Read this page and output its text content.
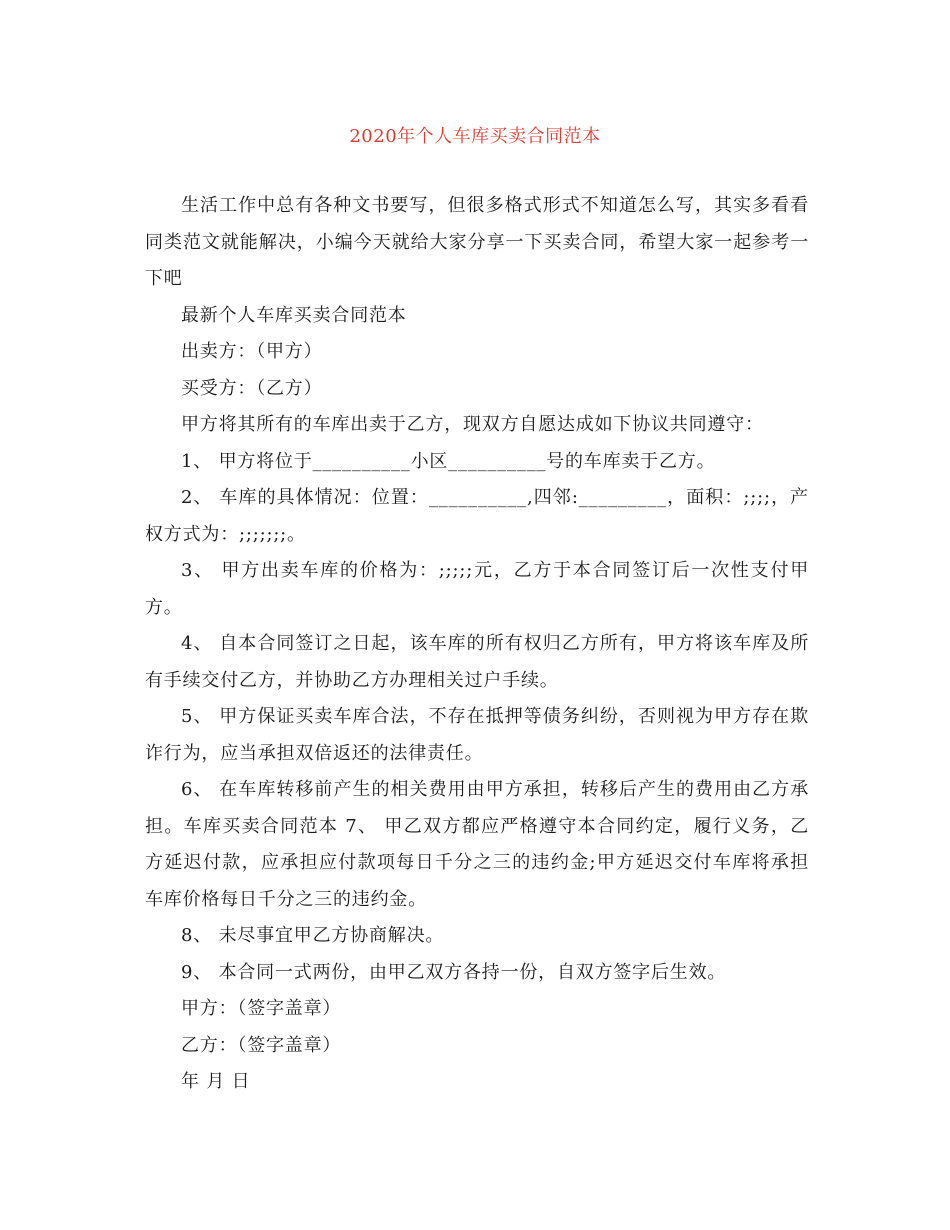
2020年个人车库买卖合同范本

生活工作中总有各种文书要写，但很多格式形式不知道怎么写，其实多看看同类范文就能解决，小编今天就给大家分享一下买卖合同，希望大家一起参考一下吧

最新个人车库买卖合同范本

出卖方：（甲方）

买受方：（乙方）

甲方将其所有的车库出卖于乙方，现双方自愿达成如下协议共同遵守：

1、 甲方将位于__________小区__________号的车库卖于乙方。

2、 车库的具体情况：位置：__________,四邻:_________，面积：;;;;，产权方式为：;;;;;;;。

3、 甲方出卖车库的价格为：;;;;;元，乙方于本合同签订后一次性支付甲方。

4、 自本合同签订之日起，该车库的所有权归乙方所有，甲方将该车库及所有手续交付乙方，并协助乙方办理相关过户手续。

5、 甲方保证买卖车库合法，不存在抵押等债务纠纷，否则视为甲方存在欺诈行为，应当承担双倍返还的法律责任。

6、 在车库转移前产生的相关费用由甲方承担，转移后产生的费用由乙方承担。车库买卖合同范本 7、 甲乙双方都应严格遵守本合同约定，履行义务，乙方延迟付款，应承担应付款项每日千分之三的违约金;甲方延迟交付车库将承担车库价格每日千分之三的违约金。

8、 未尽事宜甲乙方协商解决。

9、 本合同一式两份，由甲乙双方各持一份，自双方签字后生效。

甲方：（签字盖章）

乙方：（签字盖章）

年 月 日
